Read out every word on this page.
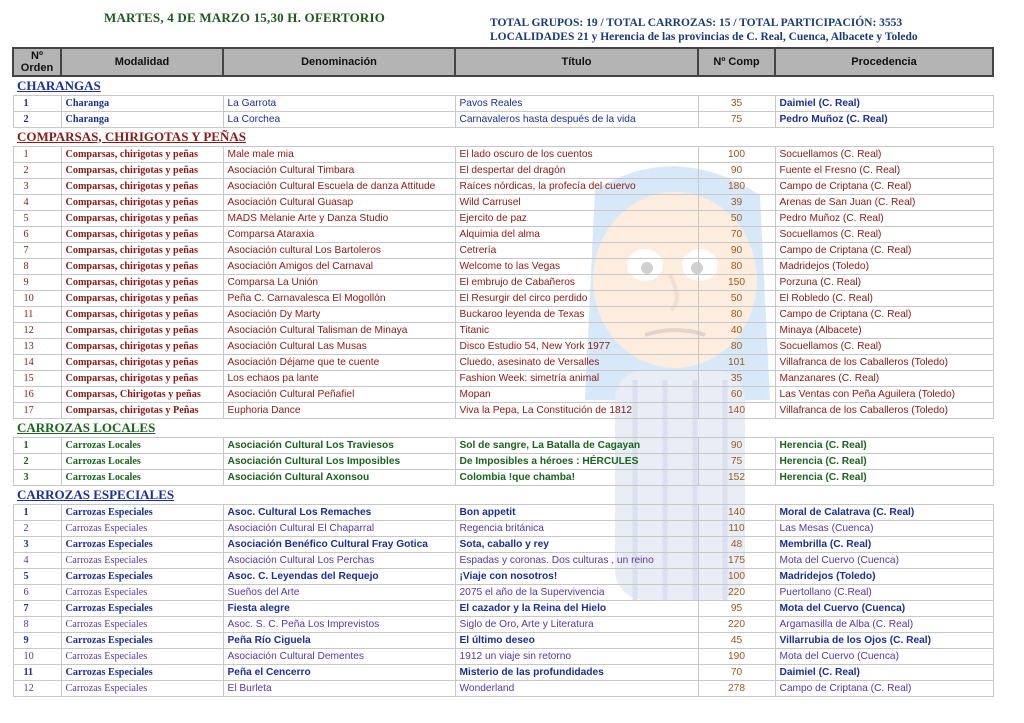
MARTES, 4 DE MARZO 15,30 H. OFERTORIO	TOTAL GRUPOS: 19 / TOTAL CARROZAS: 15 / TOTAL PARTICIPACIÓN: 3553
LOCALIDADES 21 y Herencia de las provincias de C. Real, Cuenca, Albacete y Toledo
Nº Orden	Modalidad	Denominación	Título	Nº Comp	Procedencia
CHARANGAS					
1	Charanga	La Garrota	Pavos Reales	35	Daimiel (C. Real)
2	Charanga	La Corchea	Carnavaleros hasta después de la vida	75	Pedro Muñoz (C. Real)
COMPARSAS, CHIRIGOTAS Y PEÑAS					
1	Comparsas, chirigotas y peñas	Male male mia	El lado oscuro de los cuentos	100	Socuellamos (C. Real)
2	Comparsas, chirigotas y peñas	Asociación Cultural Timbara	El despertar del dragón	90	Fuente el Fresno (C. Real)
3	Comparsas, chirigotas y peñas	Asociación Cultural Escuela de danza Attitude	Raíces nórdicas, la profecía del cuervo	180	Campo de Criptana (C. Real)
4	Comparsas, chirigotas y peñas	Asociación Cultural Guasap	Wild Carrusel	39	Arenas de San Juan (C. Real)
5	Comparsas, chirigotas y peñas	MADS Melanie Arte y Danza Studio	Ejercito de paz	50	Pedro Muñoz (C. Real)
6	Comparsas, chirigotas y peñas	Comparsa Ataraxia	Alquimia del alma	70	Socuellamos (C. Real)
7	Comparsas, chirigotas y peñas	Asociación cultural Los Bartoleros	Cetrería	90	Campo de Criptana (C. Real)
8	Comparsas, chirigotas y peñas	Asociación Amigos del Carnaval	Welcome to las Vegas	80	Madridejos (Toledo)
9	Comparsas, chirigotas y peñas	Comparsa La Unión	El embrujo de Cabañeros	150	Porzuna (C. Real)
10	Comparsas, chirigotas y peñas	Peña C. Carnavalesca El Mogollón	El Resurgir del circo perdido	50	El Robledo (C. Real)
11	Comparsas, chirigotas y peñas	Asociación Dy Marty	Buckaroo leyenda de Texas	80	Campo de Criptana (C. Real)
12	Comparsas, chirigotas y peñas	Asociación Cultural Talisman de Minaya	Titanic	40	Minaya (Albacete)
13	Comparsas, chirigotas y peñas	Asociación Cultural Las Musas	Disco Estudio 54, New York 1977	80	Socuellamos (C. Real)
14	Comparsas, chirigotas y peñas	Asociación Déjame que te cuente	Cluedo, asesinato de Versalles	101	Villafranca de los Caballeros (Toledo)
15	Comparsas, chirigotas y peñas	Los echaos pa lante	Fashion Week: simetría animal	35	Manzanares (C. Real)
16	Comparsas, Chirigotas y peñas	Asociación Cultural Peñafiel	Mopan	60	Las Ventas con Peña Aguilera (Toledo)
17	Comparsas, chirigotas y Peñas	Euphoria Dance	Viva la Pepa, La Constitución de 1812	140	Villafranca de los Caballeros (Toledo)
CARROZAS LOCALES					
1	Carrozas Locales	Asociación Cultural Los Traviesos	Sol de sangre, La Batalla de Cagayan	90	Herencia (C. Real)
2	Carrozas Locales	Asociación Cultural Los Imposibles	De Imposibles a héroes : HÉRCULES	75	Herencia (C. Real)
3	Carrozas Locales	Asociación Cultural Axonsou	Colombia !que chamba!	152	Herencia (C. Real)
CARROZAS ESPECIALES					
1	Carrozas Especiales	Asoc. Cultural Los Remaches	Bon appetit	140	Moral de Calatrava (C. Real)
2	Carrozas Especiales	Asociación Cultural El Chaparral	Regencia británica	110	Las Mesas (Cuenca)
3	Carrozas Especiales	Asociación Benéfico Cultural Fray Gotica	Sota, caballo y rey	48	Membrilla (C. Real)
4	Carrozas Especiales	Asociación Cultural Los Perchas	Espadas y coronas. Dos culturas , un reino	175	Mota del Cuervo (Cuenca)
5	Carrozas Especiales	Asoc. C. Leyendas del Requejo	¡Viaje con nosotros!	100	Madridejos (Toledo)
6	Carrozas Especiales	Sueños del Arte	2075 el año de la Supervivencia	220	Puertollano (C.Real)
7	Carrozas Especiales	Fiesta alegre	El cazador y la Reina del Hielo	95	Mota del Cuervo (Cuenca)
8	Carrozas Especiales	Asoc. S. C. Peña Los Imprevistos	Siglo de Oro, Arte y Literatura	220	Argamasilla de Alba (C. Real)
9	Carrozas Especiales	Peña Río Ciguela	El último deseo	45	Villarrubia de los Ojos (C. Real)
10	Carrozas Especiales	Asociación Cultural Dementes	1912 un viaje sin retorno	190	Mota del Cuervo (Cuenca)
11	Carrozas Especiales	Peña el Cencerro	Misterio de las profundidades	70	Daimiel (C. Real)
12	Carrozas Especiales	El Burleta	Wonderland	278	Campo de Criptana (C. Real)
